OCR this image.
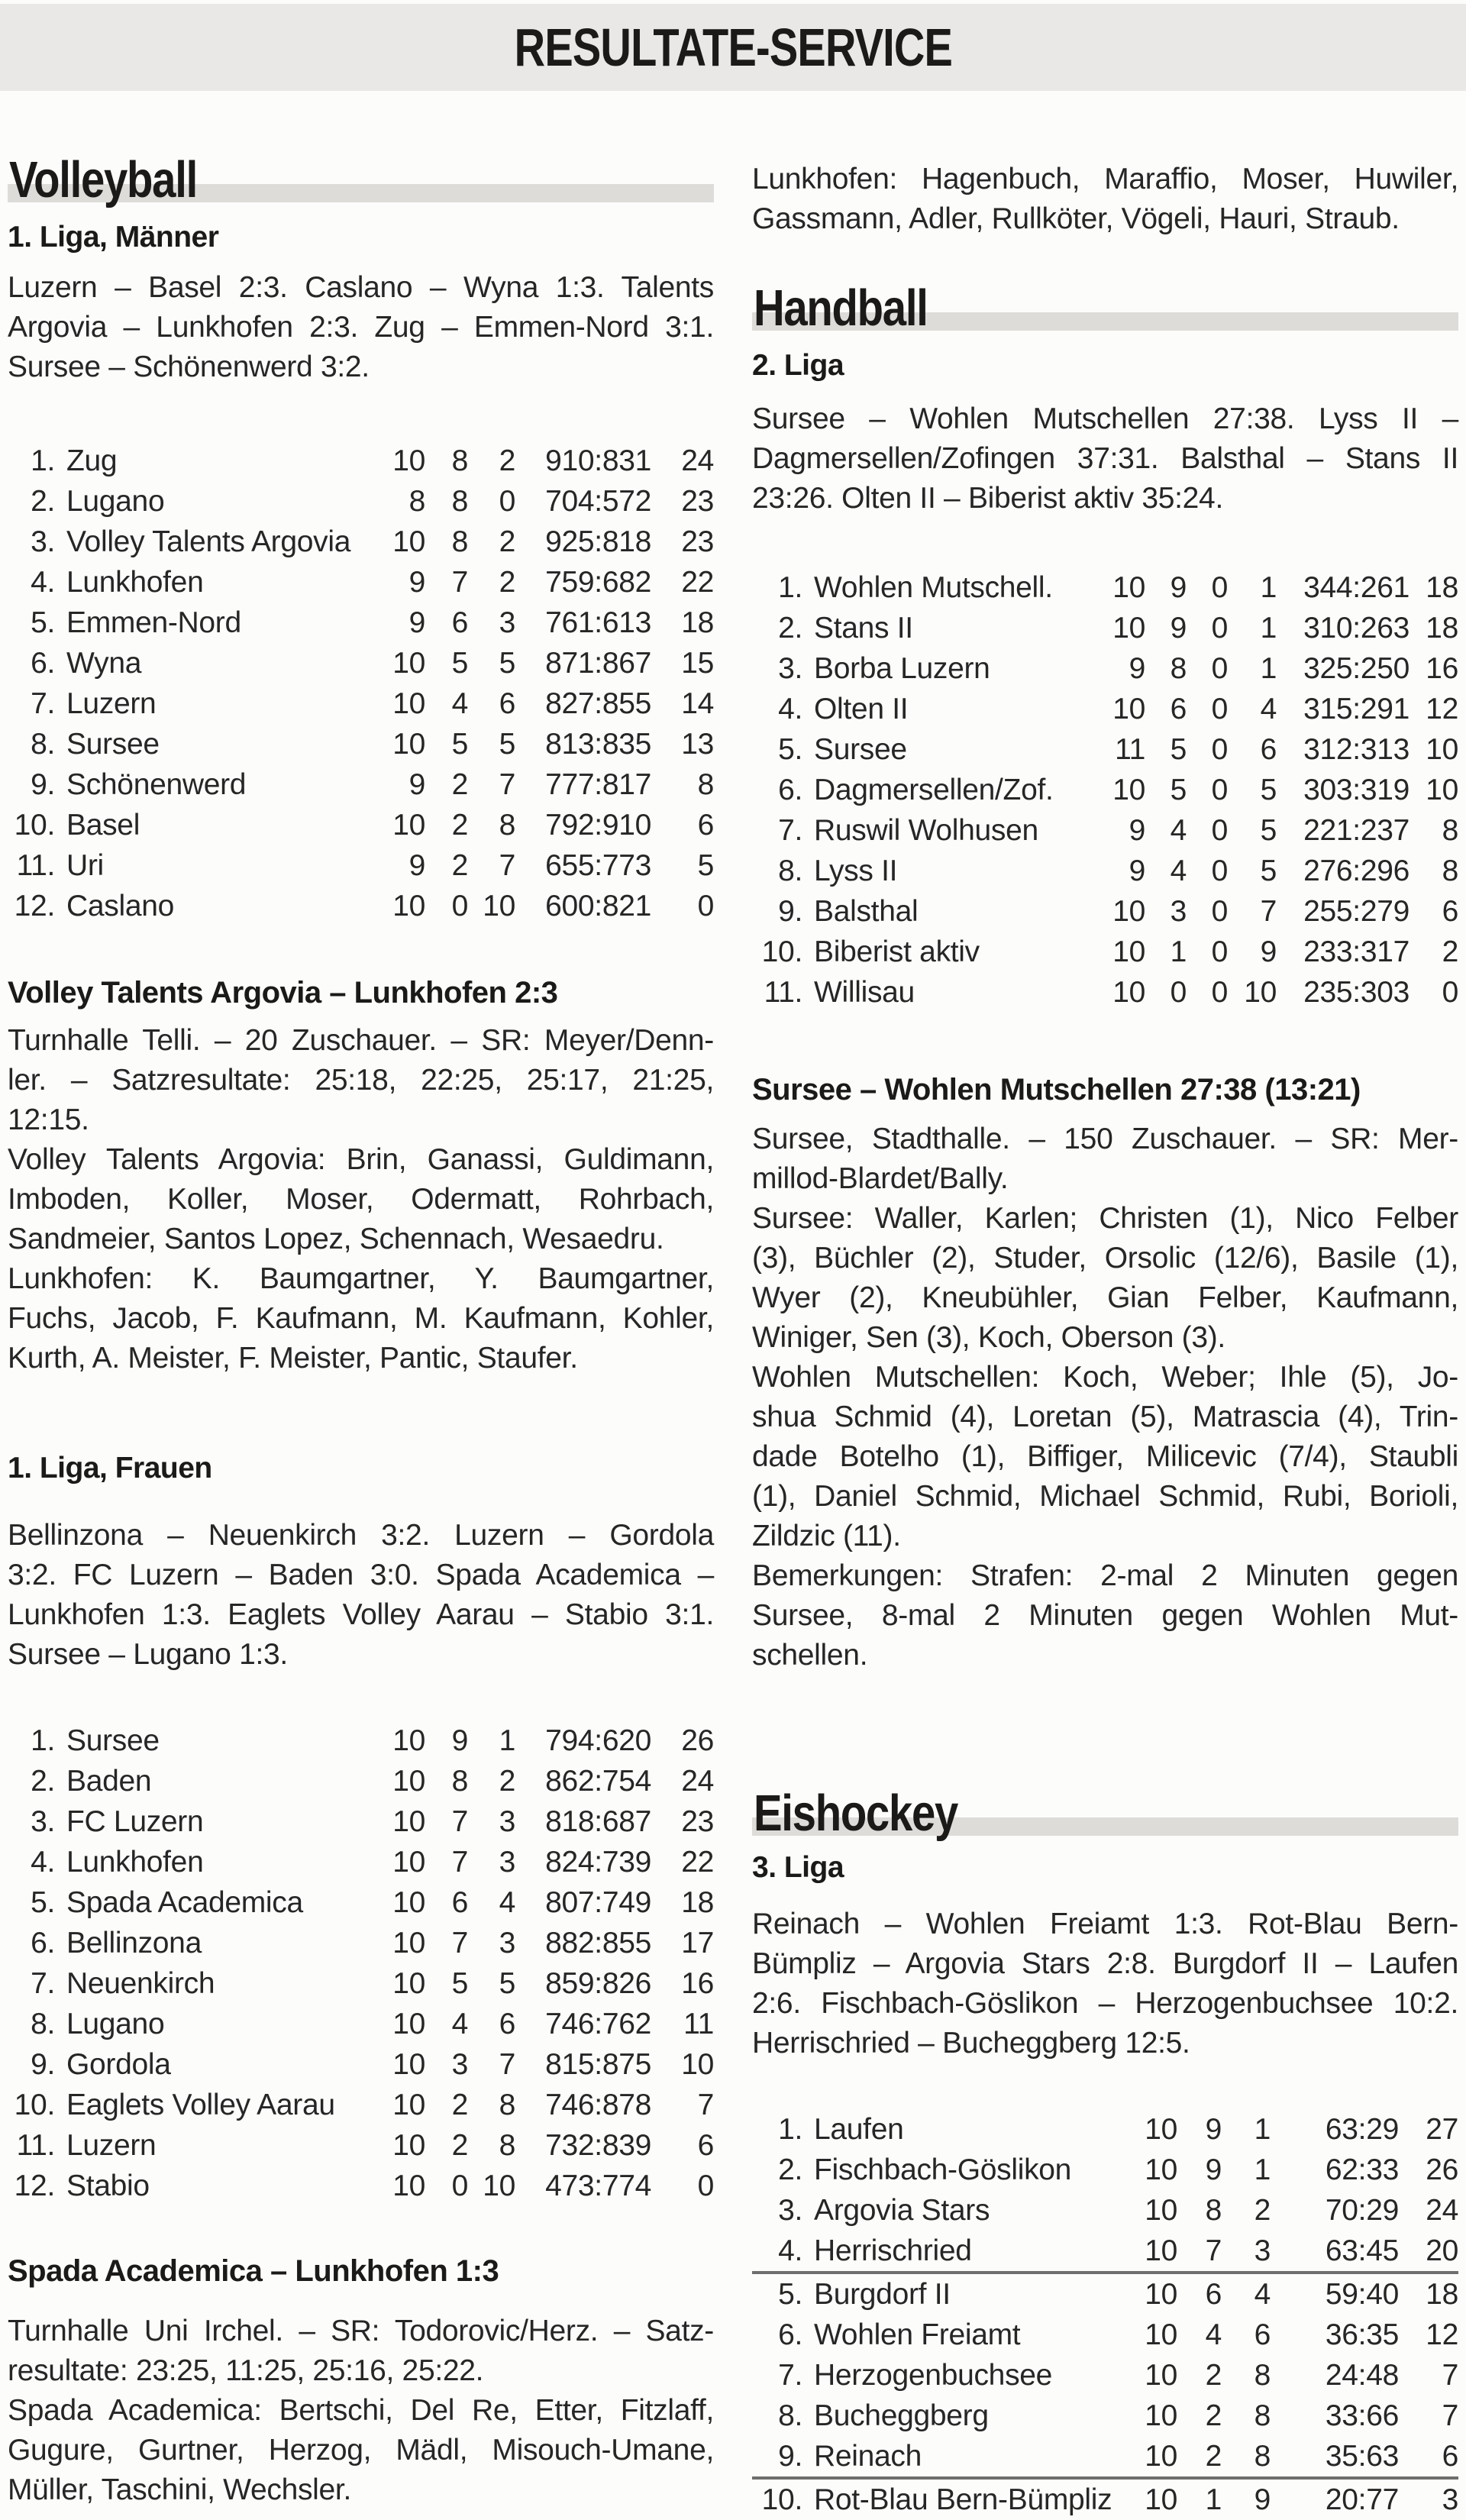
RESULTATE-SERVICE
Volleyball
1. Liga, Männer
Luzern – Basel 2:3. Caslano – Wyna 1:3. Talents
Argovia – Lunkhofen 2:3. Zug – Emmen-Nord 3:1.
Sursee – Schönenwerd 3:2.
1. Zug	10 8	2	910:831	24
2. Lugano	8 8	0	704:572	23
3. Volley Talents Argovia	10 8	2	925:818	23
4. Lunkhofen	9 7	2	759:682	22
5. Emmen-Nord	9 6	3	761:613	18
6. Wyna	10 5	5	871:867	15
7. Luzern	10 4	6	827:855	14
8. Sursee	10 5	5	813:835	13
9. Schönenwerd	9 2	7	777:817	8
10. Basel	10 2	8	792:910	6
11. Uri	9 2	7	655:773	5
12. Caslano	10 0 10	600:821	0
Volley Talents Argovia – Lunkhofen 2:3
Turnhalle Telli. – 20 Zuschauer. – SR: Meyer/Denn-
ler. – Satzresultate: 25:18, 22:25, 25:17, 21:25,
12:15.
Volley Talents Argovia: Brin, Ganassi, Guldimann,
Imboden, Koller, Moser, Odermatt, Rohrbach,
Sandmeier, Santos Lopez, Schennach, Wesaedru.
Lunkhofen: K. Baumgartner, Y. Baumgartner,
Fuchs, Jacob, F. Kaufmann, M. Kaufmann, Kohler,
Kurth, A. Meister, F. Meister, Pantic, Staufer.
1. Liga, Frauen
Bellinzona – Neuenkirch 3:2. Luzern – Gordola
3:2. FC Luzern – Baden 3:0. Spada Academica –
Lunkhofen 1:3. Eaglets Volley Aarau – Stabio 3:1.
Sursee – Lugano 1:3.
1. Sursee	10 9	1	794:620	26
2. Baden	10 8	2	862:754	24
3. FC Luzern	10 7	3	818:687	23
4. Lunkhofen	10 7	3	824:739	22
5. Spada Academica	10 6	4	807:749	18
6. Bellinzona	10 7	3	882:855	17
7. Neuenkirch	10 5	5	859:826	16
8. Lugano	10 4	6	746:762	11
9. Gordola	10 3	7	815:875	10
10. Eaglets Volley Aarau	10 2	8	746:878	7
11. Luzern	10 2	8	732:839	6
12. Stabio	10 0 10	473:774	0
Spada Academica – Lunkhofen 1:3
Turnhalle Uni Irchel. – SR: Todorovic/Herz. – Satz-
resultate: 23:25, 11:25, 25:16, 25:22.
Spada Academica: Bertschi, Del Re, Etter, Fitzlaff,
Gugure, Gurtner, Herzog, Mädl, Misouch-Umane,
Müller, Taschini, Wechsler.
Lunkhofen: Hagenbuch, Maraffio, Moser, Huwiler,
Gassmann, Adler, Rullköter, Vögeli, Hauri, Straub.
Handball
2. Liga
Sursee – Wohlen Mutschellen 27:38. Lyss II –
Dagmersellen/Zofingen 37:31. Balsthal – Stans II
23:26. Olten II – Biberist aktiv 35:24.
1. Wohlen Mutschell.	10 9 0	1 344:261 18
2. Stans II	10 9 0	1 310:263 18
3. Borba Luzern	9 8 0	1 325:250 16
4. Olten II	10 6 0	4 315:291 12
5. Sursee	11 5 0	6 312:313 10
6. Dagmersellen/Zof.	10 5 0	5 303:319 10
7. Ruswil Wolhusen	9 4 0	5 221:237	8
8. Lyss II	9 4 0	5 276:296	8
9. Balsthal	10 3 0	7 255:279	6
10. Biberist aktiv	10 1 0	9 233:317	2
11. Willisau	10 0 0 10 235:303	0
Sursee – Wohlen Mutschellen 27:38 (13:21)
Sursee, Stadthalle. – 150 Zuschauer. – SR: Mer-
millod-Blardet/Bally.
Sursee: Waller, Karlen; Christen (1), Nico Felber
(3), Büchler (2), Studer, Orsolic (12/6), Basile (1),
Wyer (2), Kneubühler, Gian Felber, Kaufmann,
Winiger, Sen (3), Koch, Oberson (3).
Wohlen Mutschellen: Koch, Weber; Ihle (5), Jo-
shua Schmid (4), Loretan (5), Matrascia (4), Trin-
dade Botelho (1), Biffiger, Milicevic (7/4), Staubli
(1), Daniel Schmid, Michael Schmid, Rubi, Borioli,
Zildzic (11).
Bemerkungen: Strafen: 2-mal 2 Minuten gegen
Sursee, 8-mal 2 Minuten gegen Wohlen Mut-
schellen.
Eishockey
3. Liga
Reinach – Wohlen Freiamt 1:3. Rot-Blau Bern-
Bümpliz – Argovia Stars 2:8. Burgdorf II – Laufen
2:6. Fischbach-Göslikon – Herzogenbuchsee 10:2.
Herrischried – Bucheggberg 12:5.
1. Laufen	10 9	1	63:29 27
2. Fischbach-Göslikon	10 9	1	62:33 26
3. Argovia Stars	10 8	2	70:29 24
4. Herrischried	10 7	3	63:45 20
5. Burgdorf II	10 6	4	59:40 18
6. Wohlen Freiamt	10 4	6	36:35 12
7. Herzogenbuchsee	10 2	8	24:48	7
8. Bucheggberg	10 2	8	33:66	7
9. Reinach	10 2	8	35:63	6
10. Rot-Blau Bern-Bümpliz	10 1	9	20:77	3
